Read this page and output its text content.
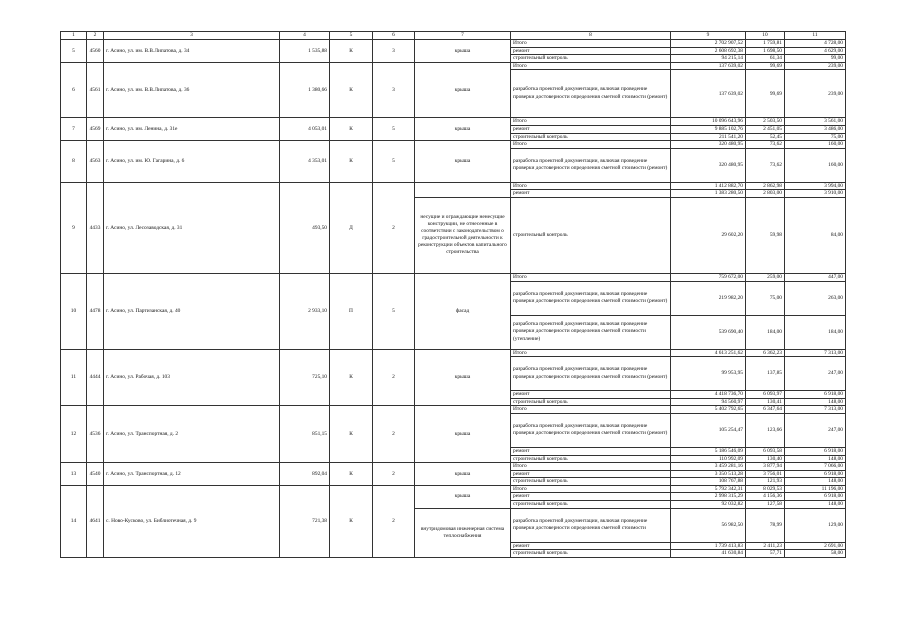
1	2	3	4	5	6	7	8	9	10	11
5	4560	г. Асино, ул. им. В.В.Липатова, д. 34	1 535,88	К	3	крыша	Итого	2 702 907,52	1 759,81	4 728,00
							ремонт	2 608 692,38	1 698,50	4 629,00
							строительный контроль	94 215,14	61,34	99,00
6	4561	г. Асино, ул. им. В.В.Липатова, д. 36	1 380,66	К	3	крыша	Итого	137 639,02	99,69	239,00
							разработка проектной документации, включая проведение проверки достоверности определения сметной стоимости (ремонт)	137 639,02	99,69	239,00
7	4569	г. Асино, ул. им. Ленина, д. 31е	4 053,01	К	5	крыша	Итого	10 096 643,96	2 503,50	3 561,00
							ремонт	9 885 102,76	2 451,05	3 486,00
							строительный контроль	211 541,20	52,45	75,00
8	4563	г. Асино, ул. им. Ю. Гагарина, д. 6	4 353,01	К	5	крыша	Итого	320 480,95	73,62	160,00
							разработка проектной документации, включая проведение проверки достоверности определения сметной стоимости (ремонт)	320 480,95	73,62	160,00
9	4433	г. Асино, ул. Лесозаводская, д. 31	493,50	Д	2		Итого	1 412 882,70	2 862,98	3 994,00
							ремонт	1 383 280,50	2 803,00	3 910,00
						несущие и ограждающие ненесущие конструкции, не отнесенные в соответствии с законодательством о градостроительной деятельности к реконструкции объектов капитального строительства	строительный контроль	29 602,20	59,98	84,00
10	4478	г. Асино, ул. Партизанская, д. 40	2 933,10	П	5	фасад	Итого	759 672,00	259,00	447,00
							разработка проектной документации, включая проведение проверки достоверности определения сметной стоимости (ремонт)	219 982,20	75,00	263,00
							разработка проектной документации, включая проведение проверки достоверности определения сметной стоимости (утепление)	539 690,40	184,00	184,00
11	4444	г. Асино, ул. Рабочая, д. 103	725,10	К	2	крыша	Итого	4 613 251,62	6 362,23	7 313,00
							разработка проектной документации, включая проведение проверки достоверности определения сметной стоимости (ремонт)	99 953,95	137,85	247,00
							ремонт	4 418 736,70	6 093,97	6 918,00
							строительный контроль	94 560,97	130,41	148,00
12	4536	г. Асино, ул. Транспортная, д. 2	851,15	К	2	крыша	Итого	5 402 792,65	6 347,64	7 313,00
							разработка проектной документации, включая проведение проверки достоверности определения сметной стоимости (ремонт)	105 254,47	123,66	247,00
							ремонт	5 186 546,09	6 093,58	6 918,00
							строительный контроль	110 992,09	130,40	148,00
13	4540	г. Асино, ул. Транспортная, д. 12	892,04	К	2	крыша	Итого	3 459 281,16	3 877,94	7 066,00
							ремонт	3 350 513,28	3 756,01	6 918,00
							строительный контроль	108 767,88	121,93	148,00
14	4641	с. Ново-Кусково, ул. Библиотечная, д. 9	721,38	К	2	крыша	Итого	5 792 342,31	8 029,53	11 196,00
							ремонт	2 998 315,29	4 156,36	6 918,00
							строительный контроль	92 032,82	127,58	148,00
						внутридомовая инженерная система теплоснабжения	разработка проектной документации, включая проведение проверки достоверности определения сметной стоимости	56 982,50	78,99	129,00
							ремонт	1 739 413,83	2 411,23	2 691,00
							строительный контроль	41 630,84	57,71	58,00
